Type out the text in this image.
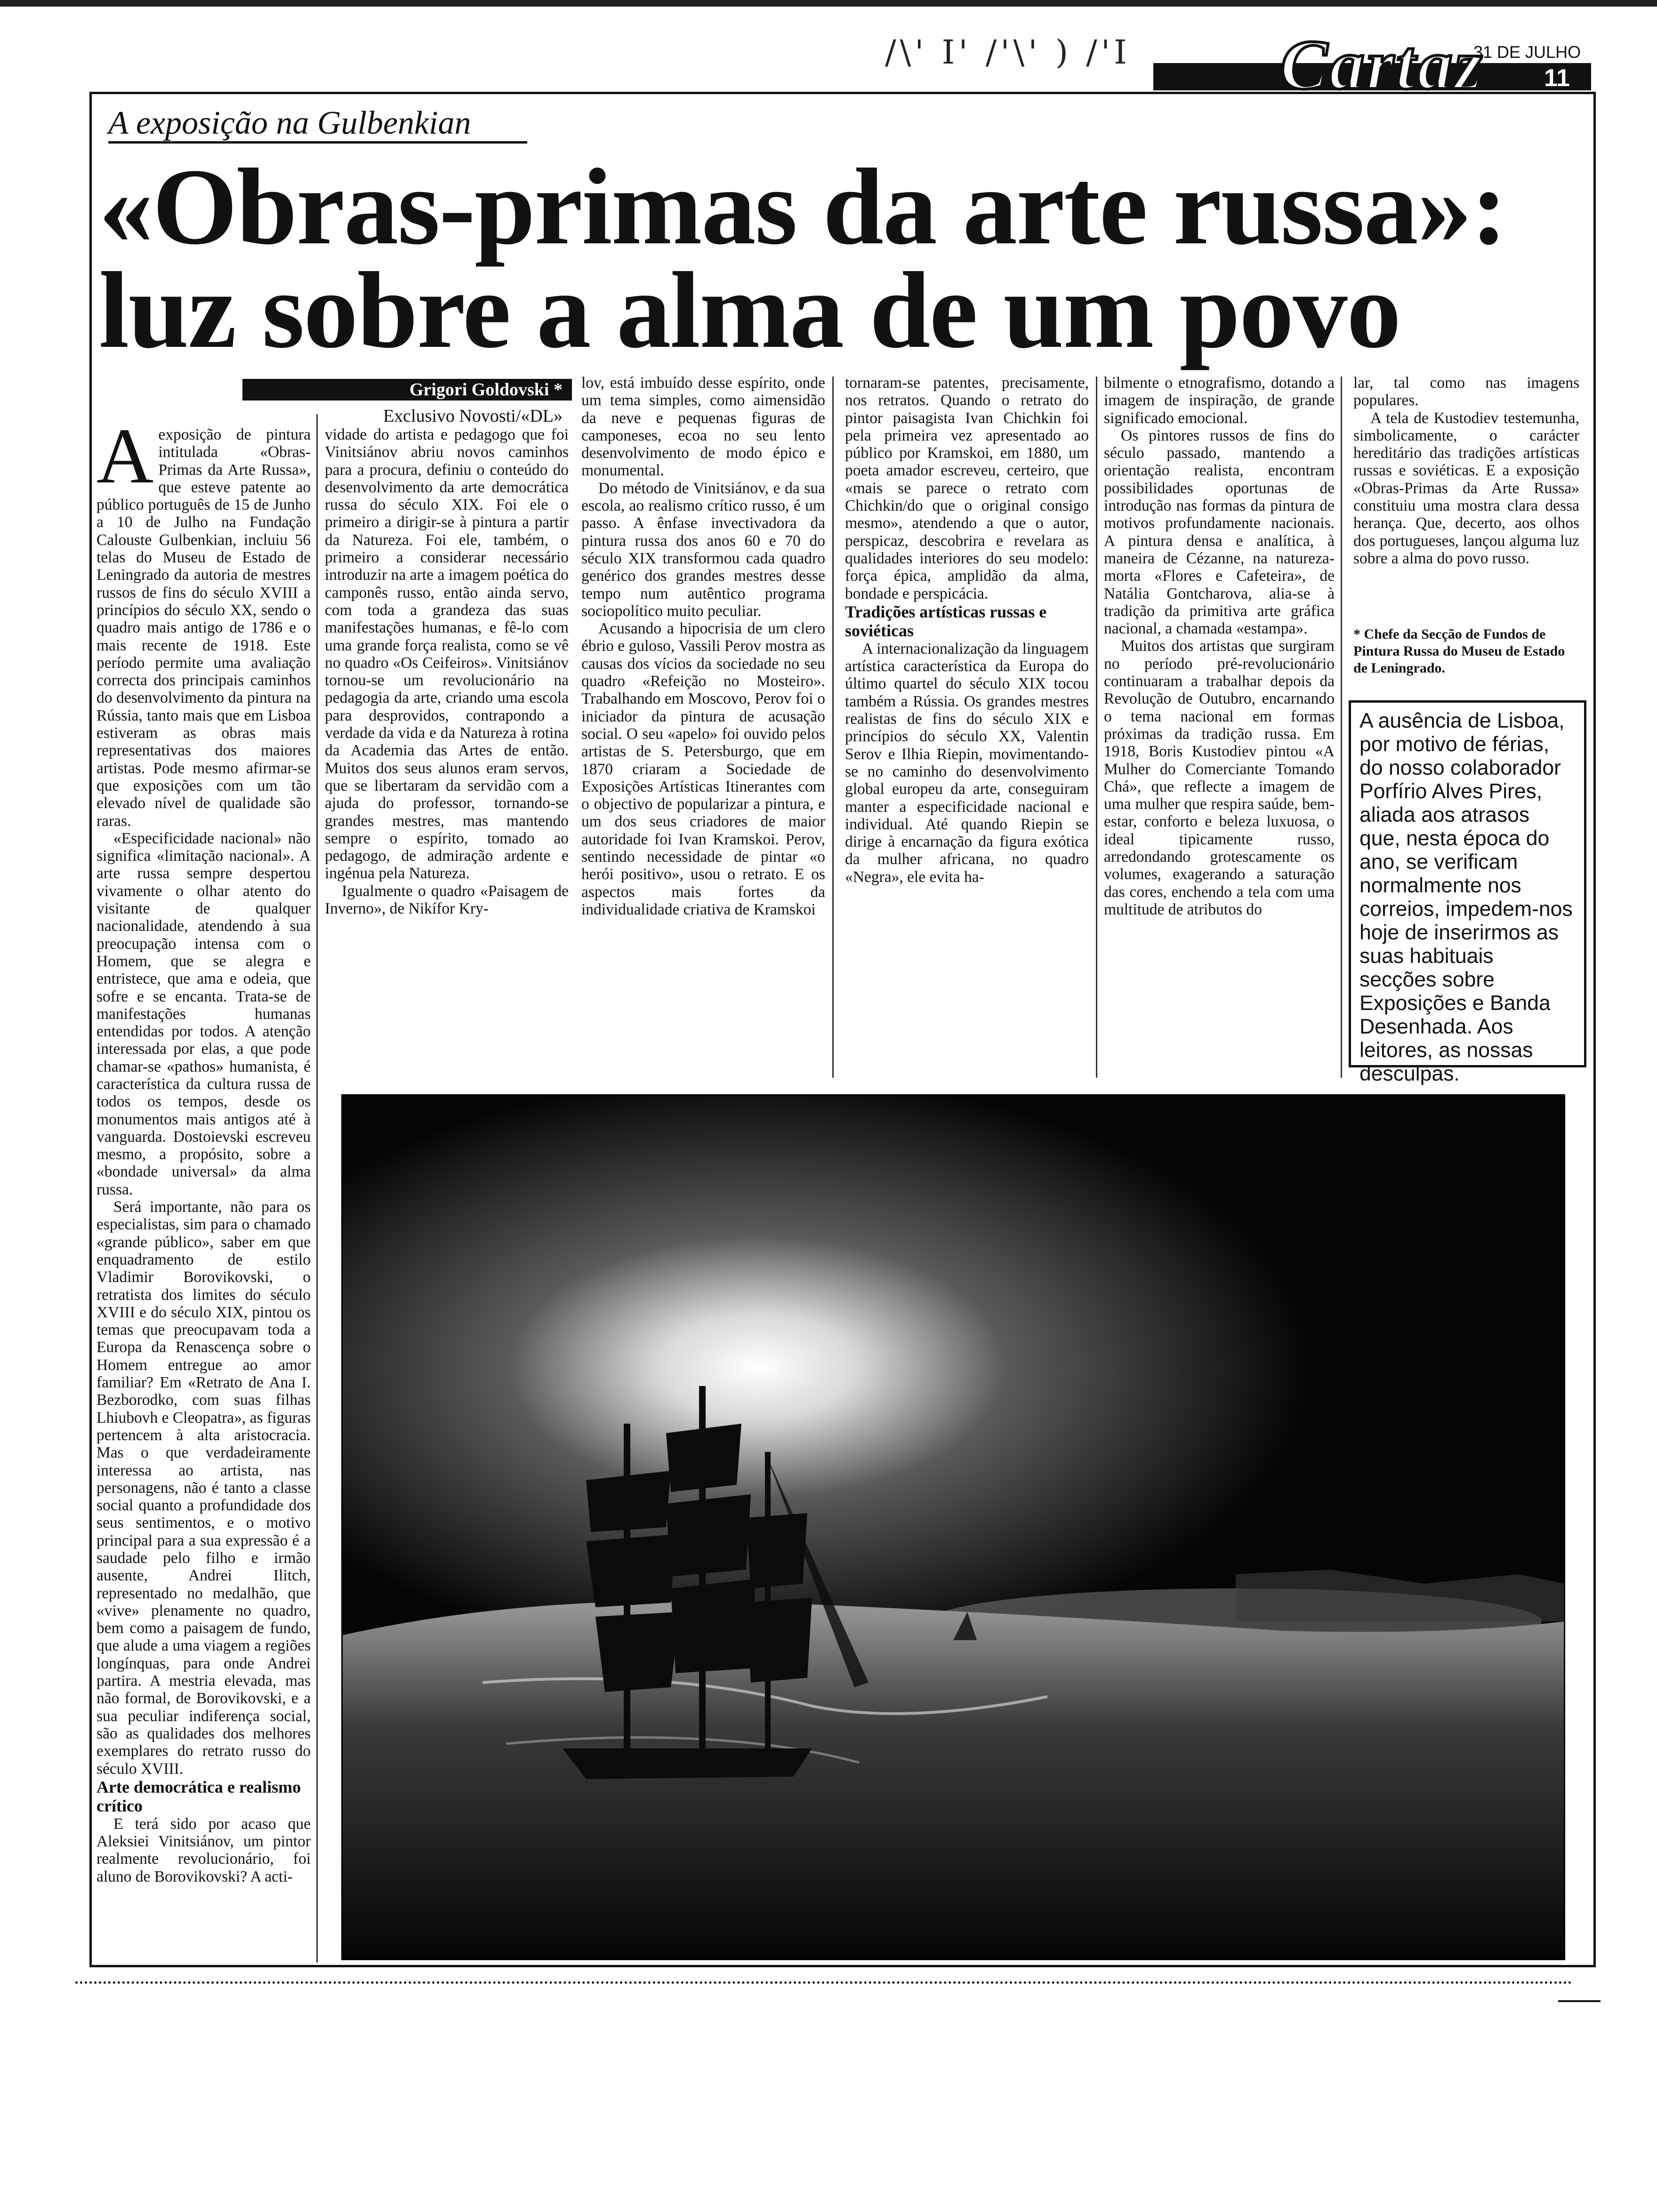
/\' I' /'\' ) /'I Cartaz
31 DE JULHO DE 1987 11
A exposição na Gulbenkian
«Obras-primas da arte russa»:
luz sobre a alma de um povo
Grigori Goldovski *
Exclusivo Novosti/«DL»

Aexposição de pintura intitulada «Obras-Primas da Arte Russa», que esteve patente ao público português de 15 de Junho a 10 de Julho na Fundação Calouste Gulbenkian, incluiu 56 telas do Museu de Estado de Leningrado da autoria de mestres russos de fins do século XVIII a princípios do século XX, sendo o quadro mais antigo de 1786 e o mais recente de 1918. Este período permite uma avaliação correcta dos principais caminhos do desenvolvimento da pintura na Rússia, tanto mais que em Lisboa estiveram as obras mais representativas dos maiores artistas. Pode mesmo afirmar-se que exposições com um tão elevado nível de qualidade são raras.

«Especificidade nacional» não significa «limitação nacional». A arte russa sempre despertou vivamente o olhar atento do visitante de qualquer nacionalidade, atendendo à sua preocupação intensa com o Homem, que se alegra e entristece, que ama e odeia, que sofre e se encanta. Trata-se de manifestações humanas entendidas por todos. A atenção interessada por elas, a que pode chamar-se «pathos» humanista, é característica da cultura russa de todos os tempos, desde os monumentos mais antigos até à vanguarda. Dostoievski escreveu mesmo, a propósito, sobre a «bondade universal» da alma russa.

Será importante, não para os especialistas, sim para o chamado «grande público», saber em que enquadramento de estilo Vladimir Borovikovski, o retratista dos limites do século XVIII e do século XIX, pintou os temas que preocupavam toda a Europa da Renascença sobre o Homem entregue ao amor familiar? Em «Retrato de Ana I. Bezborodko, com suas filhas Lhiubovh e Cleopatra», as figuras pertencem à alta aristocracia. Mas o que verdadeiramente interessa ao artista, nas personagens, não é tanto a classe social quanto a profundidade dos seus sentimentos, e o motivo principal para a sua expressão é a saudade pelo filho e irmão ausente, Andrei Ilitch, representado no medalhão, que «vive» plenamente no quadro, bem como a paisagem de fundo, que alude a uma viagem a regiões longínquas, para onde Andrei partira. A mestria elevada, mas não formal, de Borovikovski, e a sua peculiar indiferença social, são as qualidades dos melhores exemplares do retrato russo do século XVIII.

Arte democrática e realismo crítico

E terá sido por acaso que Aleksiei Vinitsiánov, um pintor realmente revolucionário, foi aluno de Borovikovski? A acti-

vidade do artista e pedagogo que foi Vinitsiánov abriu novos caminhos para a procura, definiu o conteúdo do desenvolvimento da arte democrática russa do século XIX. Foi ele o primeiro a dirigir-se à pintura a partir da Natureza. Foi ele, também, o primeiro a considerar necessário introduzir na arte a imagem poética do camponês russo, então ainda servo, com toda a grandeza das suas manifestações humanas, e fê-lo com uma grande força realista, como se vê no quadro «Os Ceifeiros». Vinitsiánov tornou-se um revolucionário na pedagogia da arte, criando uma escola para desprovidos, contrapondo a verdade da vida e da Natureza à rotina da Academia das Artes de então. Muitos dos seus alunos eram servos, que se libertaram da servidão com a ajuda do professor, tornando-se grandes mestres, mas mantendo sempre o espírito, tomado ao pedagogo, de admiração ardente e ingénua pela Natureza.

Igualmente o quadro «Paisagem de Inverno», de Nikífor Kry-

lov, está imbuído desse espírito, onde um tema simples, como aimensidão da neve e pequenas figuras de camponeses, ecoa no seu lento desenvolvimento de modo épico e monumental.

Do método de Vinitsiánov, e da sua escola, ao realismo crítico russo, é um passo. A ênfase invectivadora da pintura russa dos anos 60 e 70 do século XIX transformou cada quadro genérico dos grandes mestres desse tempo num autêntico programa sociopolítico muito peculiar.

Acusando a hipocrisia de um clero ébrio e guloso, Vassili Perov mostra as causas dos vícios da sociedade no seu quadro «Refeição no Mosteiro». Trabalhando em Moscovo, Perov foi o iniciador da pintura de acusação social. O seu «apelo» foi ouvido pelos artistas de S. Petersburgo, que em 1870 criaram a Sociedade de Exposições Artísticas Itinerantes com o objectivo de popularizar a pintura, e um dos seus criadores de maior autoridade foi Ivan Kramskoi. Perov, sentindo necessidade de pintar «o herói positivo», usou o retrato. E os aspectos mais fortes da individualidade criativa de Kramskoi

tornaram-se patentes, precisamente, nos retratos. Quando o retrato do pintor paisagista Ivan Chichkin foi pela primeira vez apresentado ao público por Kramskoi, em 1880, um poeta amador escreveu, certeiro, que «mais se parece o retrato com Chichkin/do que o original consigo mesmo», atendendo a que o autor, perspicaz, descobrira e revelara as qualidades interiores do seu modelo: força épica, amplidão da alma, bondade e perspicácia.

Tradições artísticas russas e soviéticas

A internacionalização da linguagem artística característica da Europa do último quartel do século XIX tocou também a Rússia. Os grandes mestres realistas de fins do século XIX e princípios do século XX, Valentin Serov e Ilhia Riepin, movimentando-se no caminho do desenvolvimento global europeu da arte, conseguiram manter a especificidade nacional e individual. Até quando Riepin se dirige à encarnação da figura exótica da mulher africana, no quadro «Negra», ele evita ha-

bilmente o etnografismo, dotando a imagem de inspiração, de grande significado emocional.

Os pintores russos de fins do século passado, mantendo a orientação realista, encontram possibilidades oportunas de introdução nas formas da pintura de motivos profundamente nacionais. A pintura densa e analítica, à maneira de Cézanne, na natureza-morta «Flores e Cafeteira», de Natália Gontcharova, alia-se à tradição da primitiva arte gráfica nacional, a chamada «estampa».

Muitos dos artistas que surgiram no período pré-revolucionário continuaram a trabalhar depois da Revolução de Outubro, encarnando o tema nacional em formas próximas da tradição russa. Em 1918, Boris Kustodiev pintou «A Mulher do Comerciante Tomando Chá», que reflecte a imagem de uma mulher que respira saúde, bem-estar, conforto e beleza luxuosa, o ideal tipicamente russo, arredondando grotescamente os volumes, exagerando a saturação das cores, enchendo a tela com uma multitude de atributos do

lar, tal como nas imagens populares.

A tela de Kustodiev testemunha, simbolicamente, o carácter hereditário das tradições artísticas russas e soviéticas. E a exposição «Obras-Primas da Arte Russa» constituiu uma mostra clara dessa herança. Que, decerto, aos olhos dos portugueses, lançou alguma luz sobre a alma do povo russo.

* Chefe da Secção de Fundos de Pintura Russa do Museu de Estado de Leningrado.
A ausência de Lisboa, por motivo de férias, do nosso colaborador Porfírio Alves Pires, aliada aos atrasos que, nesta época do ano, se verificam normalmente nos correios, impedem-nos hoje de inserirmos as suas habituais secções sobre Exposições e Banda Desenhada. Aos leitores, as nossas desculpas.
